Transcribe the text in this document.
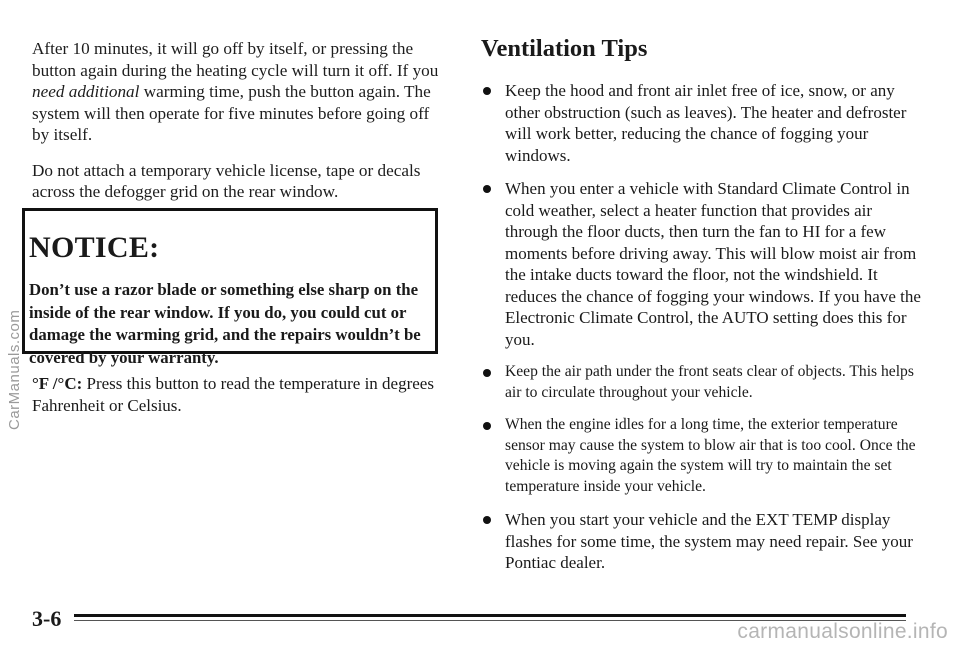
After 10 minutes, it will go off by itself, or pressing the button again during the heating cycle will turn it off. If you need additional warming time, push the button again. The system will then operate for five minutes before going off by itself.

Do not attach a temporary vehicle license, tape or decals across the defogger grid on the rear window.

NOTICE:
Don’t use a razor blade or something else sharp on the inside of the rear window. If you do, you could cut or damage the warming grid, and the repairs wouldn’t be covered by your warranty.

°F /°C: Press this button to read the temperature in degrees Fahrenheit or Celsius.

Ventilation Tips
Keep the hood and front air inlet free of ice, snow, or any other obstruction (such as leaves). The heater and defroster will work better, reducing the chance of fogging your windows.
When you enter a vehicle with Standard Climate Control in cold weather, select a heater function that provides air through the floor ducts, then turn the fan to HI for a few moments before driving away. This will blow moist air from the intake ducts toward the floor, not the windshield. It reduces the chance of fogging your windows. If you have the Electronic Climate Control, the AUTO setting does this for you.
Keep the air path under the front seats clear of objects. This helps air to circulate throughout your vehicle.
When the engine idles for a long time, the exterior temperature sensor may cause the system to blow air that is too cool. Once the vehicle is moving again the system will try to maintain the set temperature inside your vehicle.
When you start your vehicle and the EXT TEMP display flashes for some time, the system may need repair. See your Pontiac dealer.
3-6
CarManuals.com
carmanualsonline.info
